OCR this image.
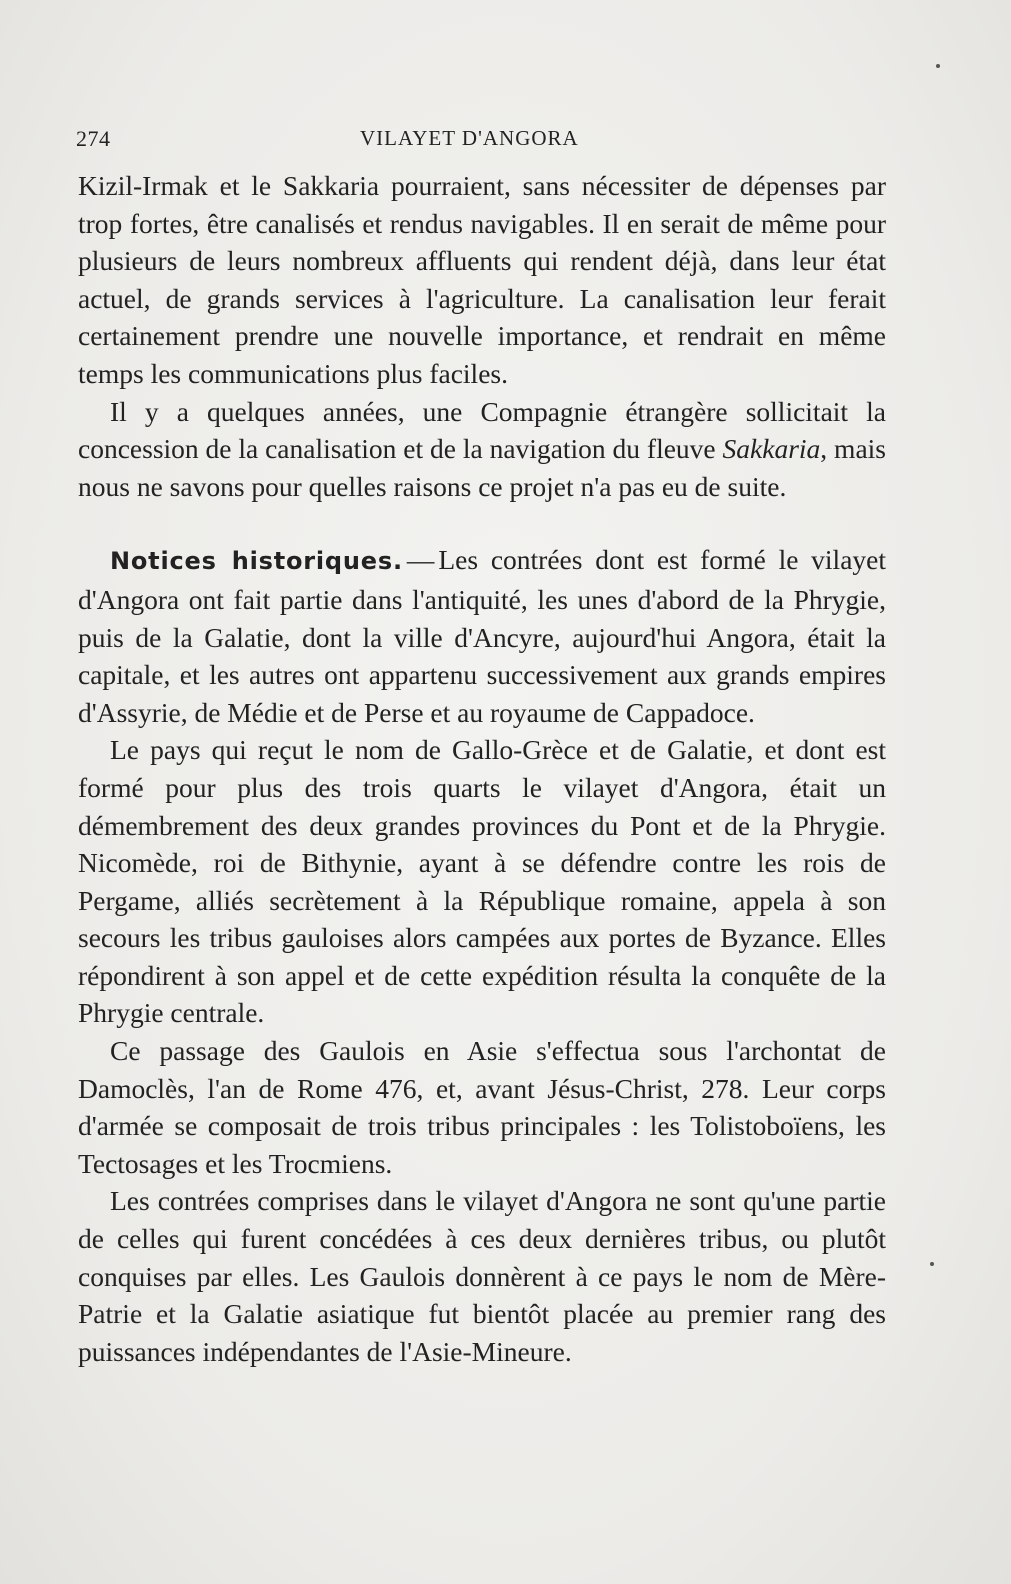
274	VILAYET D'ANGORA

Kizil-Irmak et le Sakkaria pourraient, sans nécessiter de dépenses par trop fortes, être canalisés et rendus navigables. Il en serait de même pour plusieurs de leurs nombreux affluents qui rendent déjà, dans leur état actuel, de grands services à l'agriculture. La canalisation leur ferait certainement prendre une nouvelle importance, et rendrait en même temps les communications plus faciles.

Il y a quelques années, une Compagnie étrangère sollicitait la concession de la canalisation et de la navigation du fleuve Sakkaria, mais nous ne savons pour quelles raisons ce projet n'a pas eu de suite.

Notices historiques. — Les contrées dont est formé le vilayet d'Angora ont fait partie dans l'antiquité, les unes d'abord de la Phrygie, puis de la Galatie, dont la ville d'Ancyre, aujourd'hui Angora, était la capitale, et les autres ont appartenu successivement aux grands empires d'Assyrie, de Médie et de Perse et au royaume de Cappadoce.

Le pays qui reçut le nom de Gallo-Grèce et de Galatie, et dont est formé pour plus des trois quarts le vilayet d'Angora, était un démembrement des deux grandes provinces du Pont et de la Phrygie. Nicomède, roi de Bithynie, ayant à se défendre contre les rois de Pergame, alliés secrètement à la République romaine, appela à son secours les tribus gauloises alors campées aux portes de Byzance. Elles répondirent à son appel et de cette expédition résulta la conquête de la Phrygie centrale.

Ce passage des Gaulois en Asie s'effectua sous l'archontat de Damoclès, l'an de Rome 476, et, avant Jésus-Christ, 278. Leur corps d'armée se composait de trois tribus principales : les Tolistoboïens, les Tectosages et les Trocmiens.

Les contrées comprises dans le vilayet d'Angora ne sont qu'une partie de celles qui furent concédées à ces deux dernières tribus, ou plutôt conquises par elles. Les Gaulois donnèrent à ce pays le nom de Mère-Patrie et la Galatie asiatique fut bientôt placée au premier rang des puissances indépendantes de l'Asie-Mineure.
